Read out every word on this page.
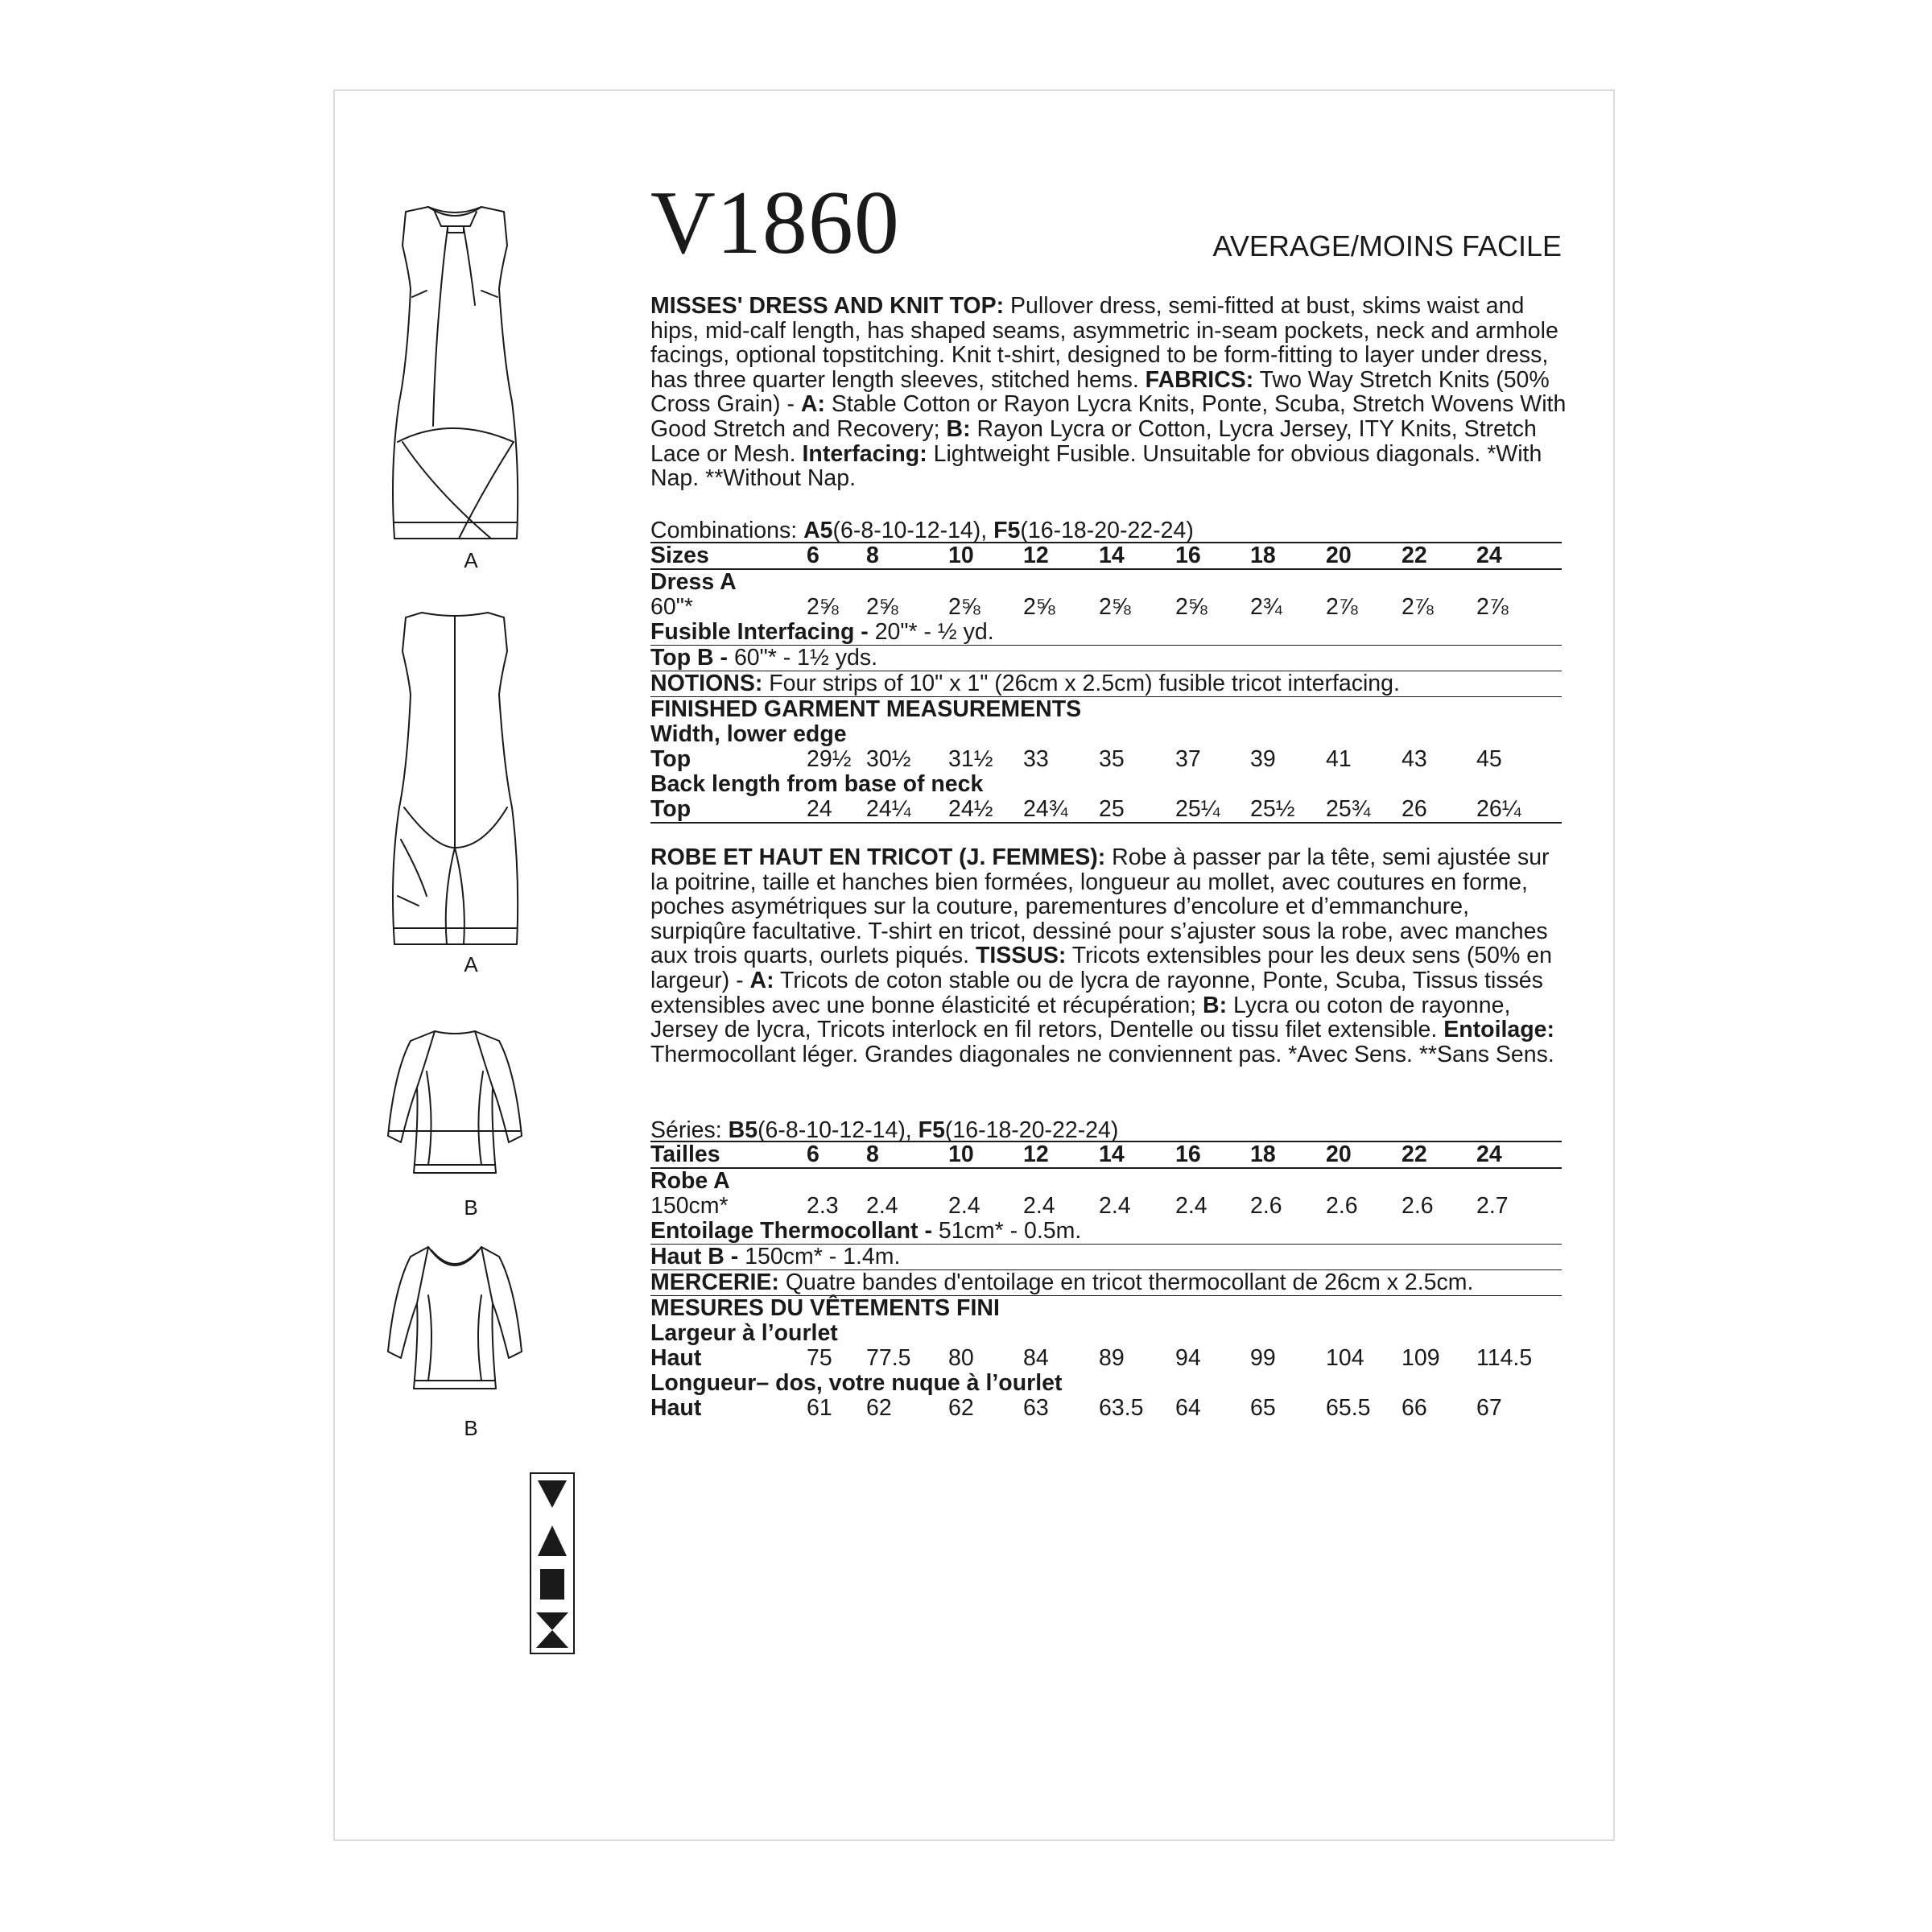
A
A
B
B
V1860	AVERAGE/MOINS FACILE
MISSES' DRESS AND KNIT TOP: Pullover dress, semi-fitted at bust, skims waist and hips, mid-calf length, has shaped seams, asymmetric in-seam pockets, neck and armhole facings, optional topstitching. Knit t-shirt, designed to be form-fitting to layer under dress, has three quarter length sleeves, stitched hems. FABRICS: Two Way Stretch Knits (50% Cross Grain) - A: Stable Cotton or Rayon Lycra Knits, Ponte, Scuba, Stretch Wovens With Good Stretch and Recovery; B: Rayon Lycra or Cotton, Lycra Jersey, ITY Knits, Stretch Lace or Mesh. Interfacing: Lightweight Fusible. Unsuitable for obvious diagonals. *With Nap. **Without Nap.
Combinations: A5(6-8-10-12-14), F5(16-18-20-22-24)
Sizes	6 8	10 12 14 16 18 20 22 24
Dress A
60"*	2⅝ 2⅝ 2⅝ 2⅝ 2⅝ 2⅝ 2¾ 2⅞ 2⅞ 2⅞
Fusible Interfacing - 20"* - ½ yd.
Top B - 60"* - 1½ yds.
NOTIONS: Four strips of 10" x 1" (26cm x 2.5cm) fusible tricot interfacing.
FINISHED GARMENT MEASUREMENTS
Width, lower edge
Top	29½ 30½ 31½ 33 35 37 39 41 43 45
Back length from base of neck
Top	24 24¼ 24½ 24¾ 25 25¼ 25½ 25¾ 26 26¼
ROBE ET HAUT EN TRICOT (J. FEMMES): Robe à passer par la tête, semi ajustée sur la poitrine, taille et hanches bien formées, longueur au mollet, avec coutures en forme, poches asymétriques sur la couture, parementures d’encolure et d’emmanchure, surpiqûre facultative. T-shirt en tricot, dessiné pour s’ajuster sous la robe, avec manches aux trois quarts, ourlets piqués. TISSUS: Tricots extensibles pour les deux sens (50% en largeur) - A: Tricots de coton stable ou de lycra de rayonne, Ponte, Scuba, Tissus tissés extensibles avec une bonne élasticité et récupération; B: Lycra ou coton de rayonne, Jersey de lycra, Tricots interlock en fil retors, Dentelle ou tissu filet extensible. Entoilage: Thermocollant léger. Grandes diagonales ne conviennent pas. *Avec Sens. **Sans Sens.
Séries: B5(6-8-10-12-14), F5(16-18-20-22-24)
Tailles	6 8	10 12 14 16 18 20 22 24
Robe A
150cm*	2.3 2.4 2.4 2.4 2.4 2.4 2.6 2.6 2.6 2.7
Entoilage Thermocollant - 51cm* - 0.5m.
Haut B - 150cm* - 1.4m.
MERCERIE: Quatre bandes d'entoilage en tricot thermocollant de 26cm x 2.5cm.
MESURES DU VÊTEMENTS FINI
Largeur à l’ourlet
Haut	75 77.5 80 84 89 94 99 104 109 114.5
Longueur– dos, votre nuque à l’ourlet
Haut	61 62 62 63 63.5 64 65 65.5 66 67
